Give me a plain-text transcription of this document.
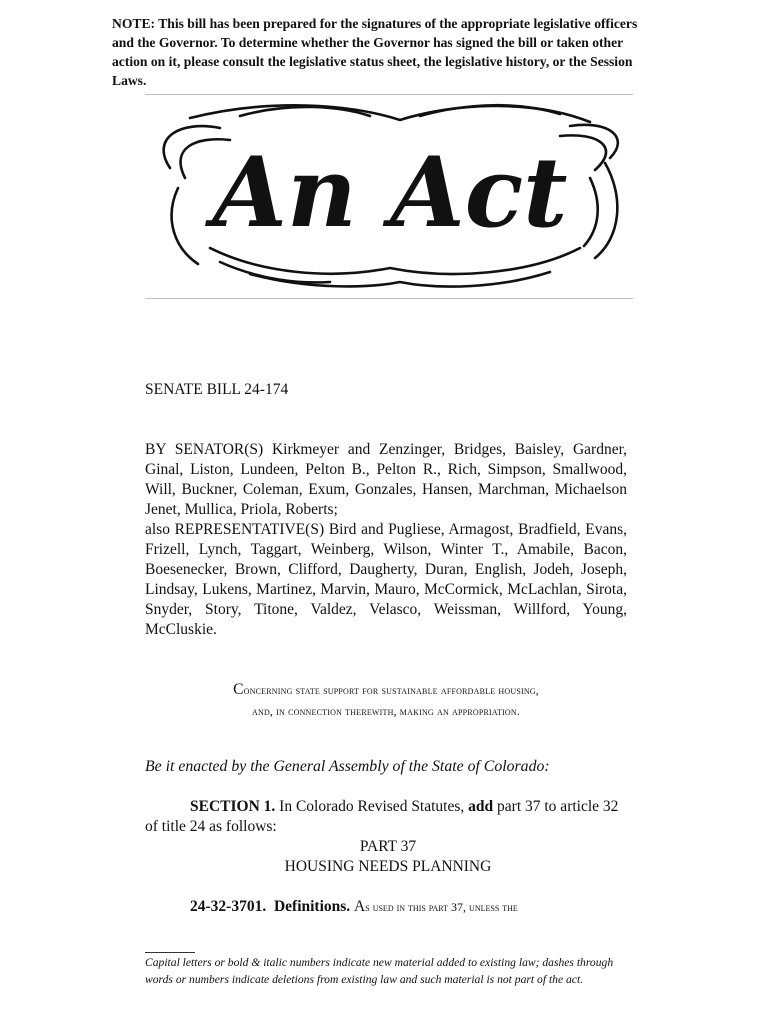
NOTE: This bill has been prepared for the signatures of the appropriate legislative officers and the Governor. To determine whether the Governor has signed the bill or taken other action on it, please consult the legislative status sheet, the legislative history, or the Session Laws.
An Act
SENATE BILL 24-174

BY SENATOR(S) Kirkmeyer and Zenzinger, Bridges, Baisley, Gardner, Ginal, Liston, Lundeen, Pelton B., Pelton R., Rich, Simpson, Smallwood, Will, Buckner, Coleman, Exum, Gonzales, Hansen, Marchman, Michaelson Jenet, Mullica, Priola, Roberts;

also REPRESENTATIVE(S) Bird and Pugliese, Armagost, Bradfield, Evans, Frizell, Lynch, Taggart, Weinberg, Wilson, Winter T., Amabile, Bacon, Boesenecker, Brown, Clifford, Daugherty, Duran, English, Jodeh, Joseph, Lindsay, Lukens, Martinez, Marvin, Mauro, McCormick, McLachlan, Sirota, Snyder, Story, Titone, Valdez, Velasco, Weissman, Willford, Young, McCluskie.

Concerning state support for sustainable affordable housing,
and, in connection therewith, making an appropriation.
Be it enacted by the General Assembly of the State of Colorado:

SECTION 1. In Colorado Revised Statutes, add part 37 to article 32 of title 24 as follows:

PART 37

HOUSING NEEDS PLANNING

24-32-3701. Definitions. As used in this part 37, unless the
Capital letters or bold & italic numbers indicate new material added to existing law; dashes through words or numbers indicate deletions from existing law and such material is not part of the act.
